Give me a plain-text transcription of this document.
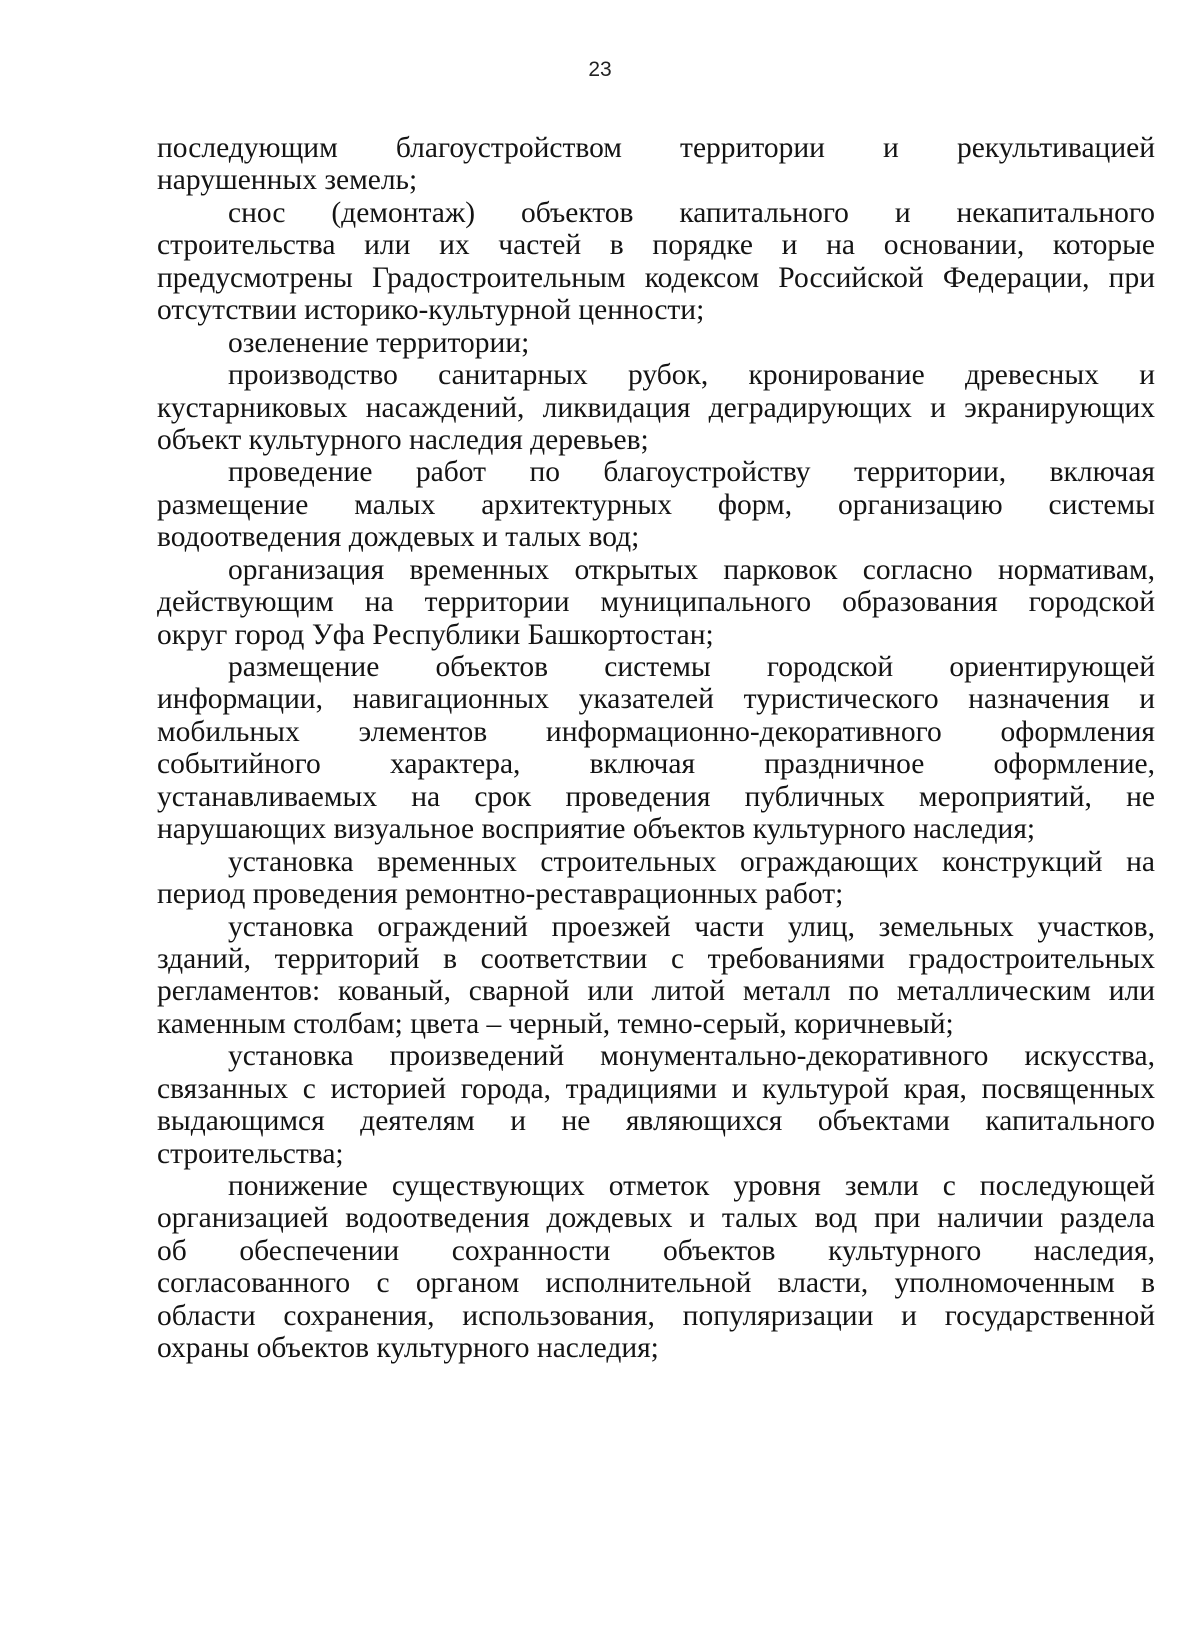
23
последующим благоустройством территории и рекультивацией
нарушенных земель;
снос (демонтаж) объектов капитального и некапитального
строительства или их частей в порядке и на основании, которые
предусмотрены Градостроительным кодексом Российской Федерации, при
отсутствии историко-культурной ценности;
озеленение территории;
производство санитарных рубок, кронирование древесных и
кустарниковых насаждений, ликвидация деградирующих и экранирующих
объект культурного наследия деревьев;
проведение работ по благоустройству территории, включая
размещение малых архитектурных форм, организацию системы
водоотведения дождевых и талых вод;
организация временных открытых парковок согласно нормативам,
действующим на территории муниципального образования городской
округ город Уфа Республики Башкортостан;
размещение объектов системы городской ориентирующей
информации, навигационных указателей туристического назначения и
мобильных элементов информационно-декоративного оформления
событийного характера, включая праздничное оформление,
устанавливаемых на срок проведения публичных мероприятий, не
нарушающих визуальное восприятие объектов культурного наследия;
установка временных строительных ограждающих конструкций на
период проведения ремонтно-реставрационных работ;
установка ограждений проезжей части улиц, земельных участков,
зданий, территорий в соответствии с требованиями градостроительных
регламентов: кованый, сварной или литой металл по металлическим или
каменным столбам; цвета – черный, темно-серый, коричневый;
установка произведений монументально-декоративного искусства,
связанных с историей города, традициями и культурой края, посвященных
выдающимся деятелям и не являющихся объектами капитального
строительства;
понижение существующих отметок уровня земли с последующей
организацией водоотведения дождевых и талых вод при наличии раздела
об обеспечении сохранности объектов культурного наследия,
согласованного с органом исполнительной власти, уполномоченным в
области сохранения, использования, популяризации и государственной
охраны объектов культурного наследия;
